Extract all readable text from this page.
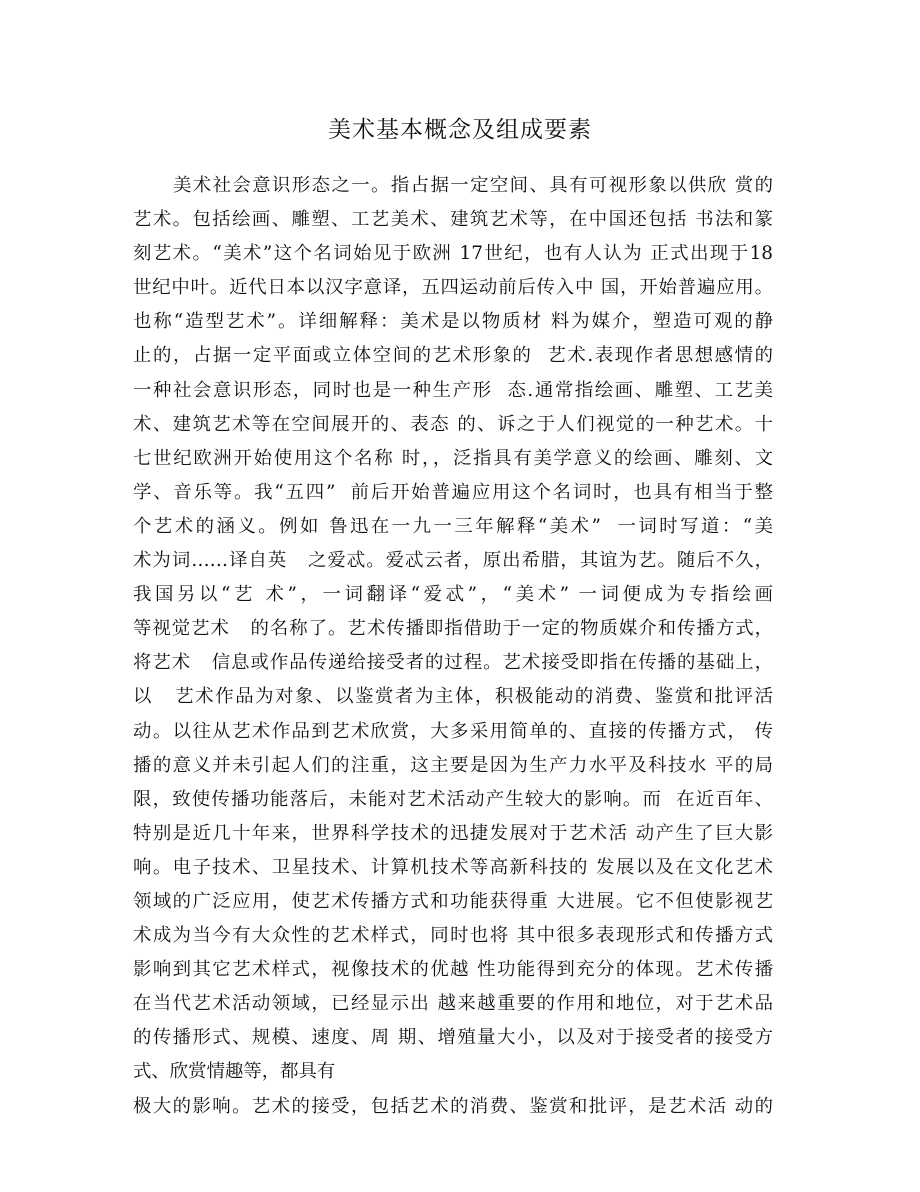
美术基本概念及组成要素
美术社会意识形态之一。指占据一定空间、具有可视形象以供欣 赏的
艺术。包括绘画、雕塑、工艺美术、建筑艺术等，在中国还包括 书法和篆
刻艺术。“美术”这个名词始见于欧洲 17世纪，也有人认为 正式出现于18
世纪中叶。近代日本以汉字意译，五四运动前后传入中 国，开始普遍应用。
也称“造型艺术”。详细解释：美术是以物质材 料为媒介，塑造可观的静
止的，占据一定平面或立体空间的艺术形象的  艺术.表现作者思想感情的
一种社会意识形态，同时也是一种生产形  态.通常指绘画、雕塑、工艺美
术、建筑艺术等在空间展开的、表态 的、诉之于人们视觉的一种艺术。十
七世纪欧洲开始使用这个名称 时，，泛指具有美学意义的绘画、雕刻、文
学、音乐等。我“五四”  前后开始普遍应用这个名词时，也具有相当于整
个艺术的涵义。例如 鲁迅在一九一三年解释“美术”  一词时写道：“美
术为词……译自英   之爱忒。爱忒云者，原出希腊，其谊为艺。随后不久，
我国另以“艺 术”，一词翻译“爱忒”，“美术” 一词便成为专指绘画
等视觉艺术   的名称了。艺术传播即指借助于一定的物质媒介和传播方式，
将艺术   信息或作品传递给接受者的过程。艺术接受即指在传播的基础上，
以   艺术作品为对象、以鉴赏者为主体，积极能动的消费、鉴赏和批评活
动。以往从艺术作品到艺术欣赏，大多采用简单的、直接的传播方式， 传
播的意义并未引起人们的注重，这主要是因为生产力水平及科技水 平的局
限，致使传播功能落后，未能对艺术活动产生较大的影响。而  在近百年、
特别是近几十年来，世界科学技术的迅捷发展对于艺术活 动产生了巨大影
响。电子技术、卫星技术、计算机技术等高新科技的 发展以及在文化艺术
领域的广泛应用，使艺术传播方式和功能获得重 大进展。它不但使影视艺
术成为当今有大众性的艺术样式，同时也将 其中很多表现形式和传播方式
影响到其它艺术样式，视像技术的优越 性功能得到充分的体现。艺术传播
在当代艺术活动领域，已经显示出 越来越重要的作用和地位，对于艺术品
的传播形式、规模、速度、周 期、增殖量大小，以及对于接受者的接受方
式、欣赏情趣等，都具有
极大的影响。艺术的接受，包括艺术的消费、鉴赏和批评，是艺术活 动的
